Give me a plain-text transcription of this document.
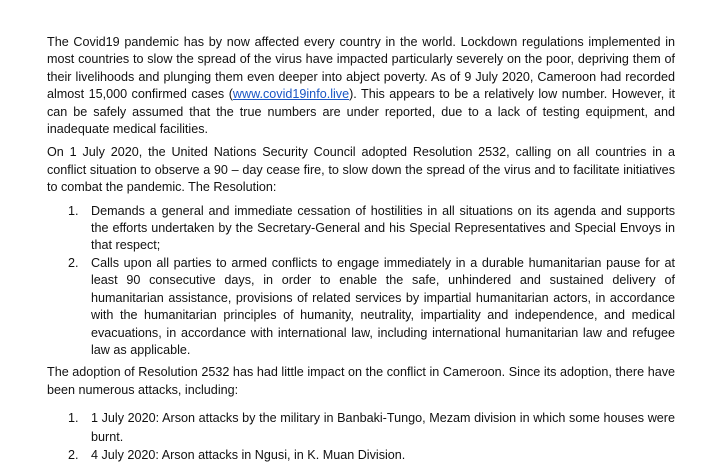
The Covid19 pandemic has by now affected every country in the world. Lockdown regulations implemented in most countries to slow the spread of the virus have impacted particularly severely on the poor, depriving them of their livelihoods and plunging them even deeper into abject poverty. As of 9 July 2020, Cameroon had recorded almost 15,000 confirmed cases (www.covid19info.live). This appears to be a relatively low number. However, it can be safely assumed that the true numbers are under reported, due to a lack of testing equipment, and inadequate medical facilities.

On 1 July 2020, the United Nations Security Council adopted Resolution 2532, calling on all countries in a conflict situation to observe a 90 – day cease fire, to slow down the spread of the virus and to facilitate initiatives to combat the pandemic. The Resolution:

1. Demands a general and immediate cessation of hostilities in all situations on its agenda and supports the efforts undertaken by the Secretary-General and his Special Representatives and Special Envoys in that respect;
2. Calls upon all parties to armed conflicts to engage immediately in a durable humanitarian pause for at least 90 consecutive days, in order to enable the safe, unhindered and sustained delivery of humanitarian assistance, provisions of related services by impartial humanitarian actors, in accordance with the humanitarian principles of humanity, neutrality, impartiality and independence, and medical evacuations, in accordance with international law, including international humanitarian law and refugee law as applicable.

The adoption of Resolution 2532 has had little impact on the conflict in Cameroon. Since its adoption, there have been numerous attacks, including:

1. 1 July 2020: Arson attacks by the military in Banbaki-Tungo, Mezam division in which some houses were burnt.
2. 4 July 2020: Arson attacks in Ngusi, in K. Muan Division.
